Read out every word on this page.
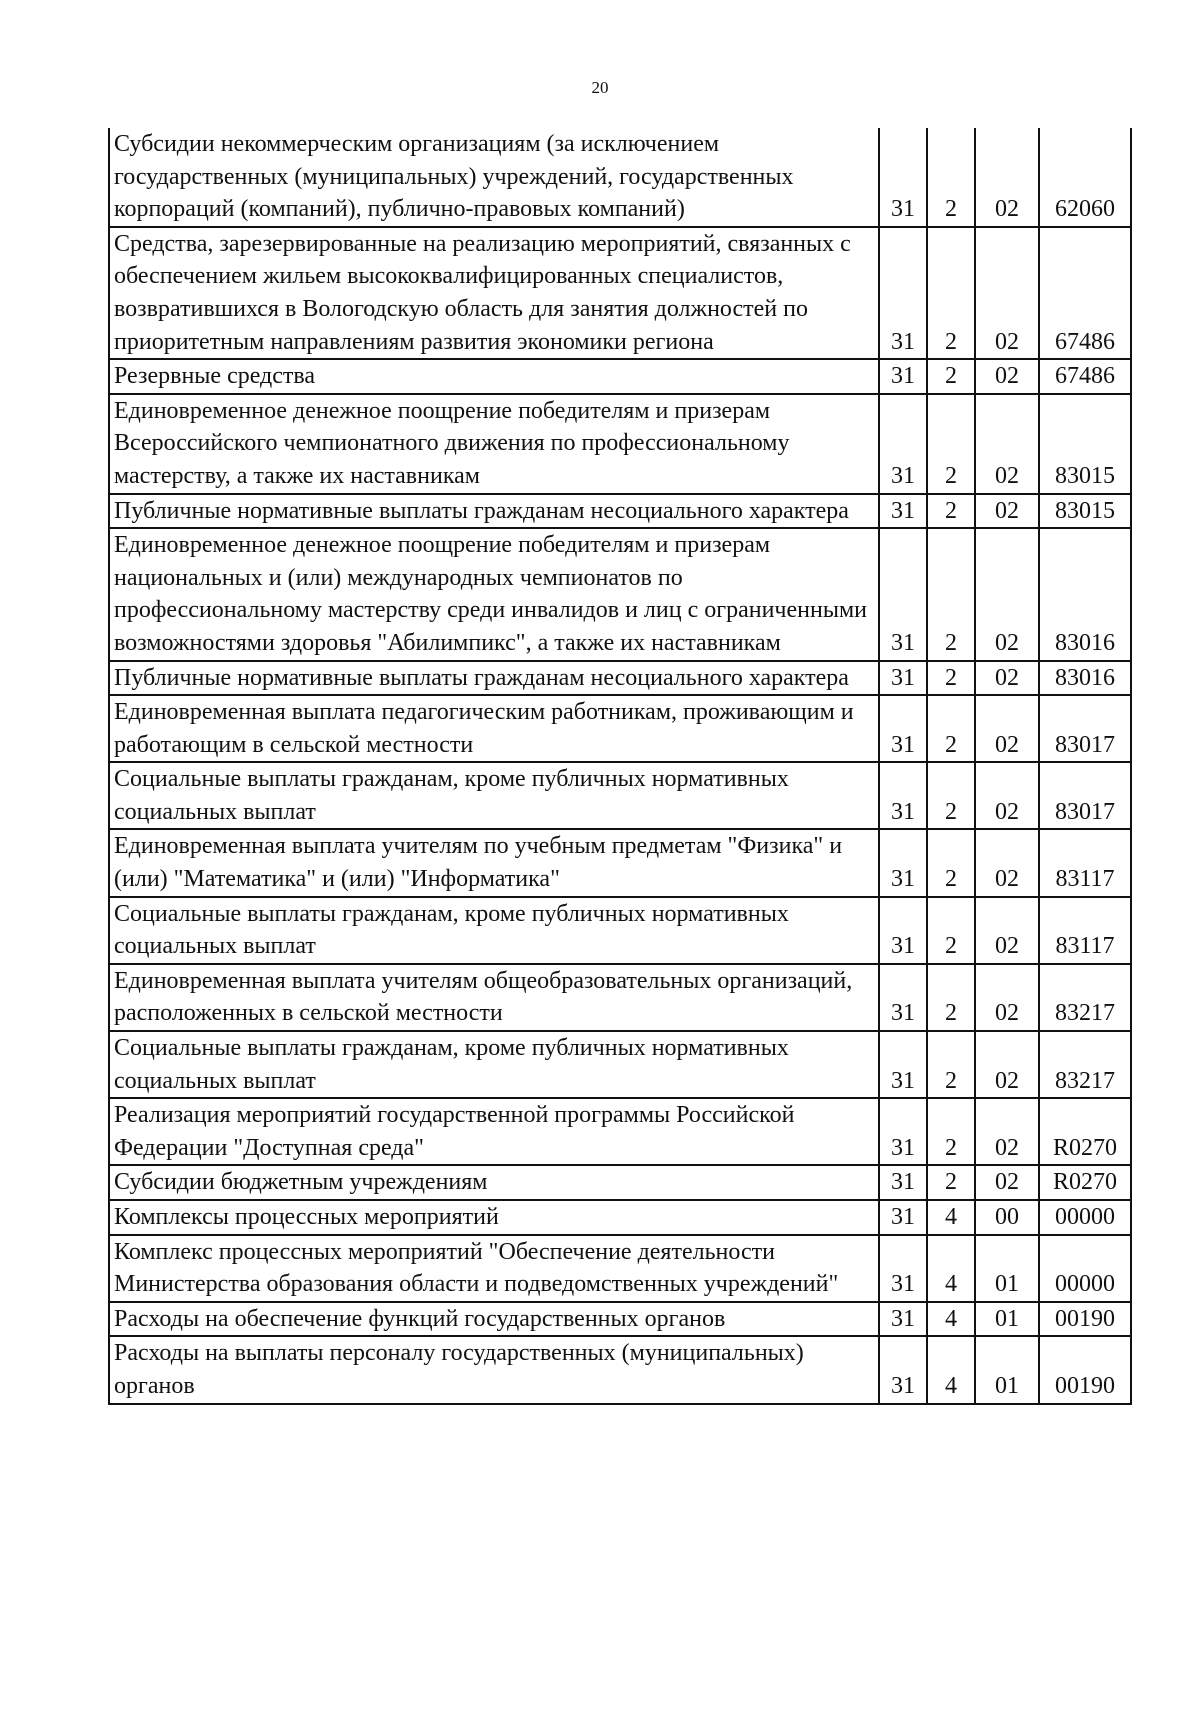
20
Субсидии некоммерческим организациям (за исключением государственных (муниципальных) учреждений, государственных корпораций (компаний), публично-правовых компаний)	31	2	02	62060
Средства, зарезервированные на реализацию мероприятий, связанных с обеспечением жильем высококвалифицированных специалистов, возвратившихся в Вологодскую область для занятия должностей по приоритетным направлениям развития экономики региона	31	2	02	67486
Резервные средства	31	2	02	67486
Единовременное денежное поощрение победителям и призерам Всероссийского чемпионатного движения по профессиональному мастерству, а также их наставникам	31	2	02	83015
Публичные нормативные выплаты гражданам несоциального характера	31	2	02	83015
Единовременное денежное поощрение победителям и призерам национальных и (или) международных чемпионатов по профессиональному мастерству среди инвалидов и лиц с ограниченными возможностями здоровья "Абилимпикс", а также их наставникам	31	2	02	83016
Публичные нормативные выплаты гражданам несоциального характера	31	2	02	83016
Единовременная выплата педагогическим работникам, проживающим и работающим в сельской местности	31	2	02	83017
Социальные выплаты гражданам, кроме публичных нормативных социальных выплат	31	2	02	83017
Единовременная выплата учителям по учебным предметам "Физика" и (или) "Математика" и (или) "Информатика"	31	2	02	83117
Социальные выплаты гражданам, кроме публичных нормативных социальных выплат	31	2	02	83117
Единовременная выплата учителям общеобразовательных организаций, расположенных в сельской местности	31	2	02	83217
Социальные выплаты гражданам, кроме публичных нормативных социальных выплат	31	2	02	83217
Реализация мероприятий государственной программы Российской Федерации "Доступная среда"	31	2	02	R0270
Субсидии бюджетным учреждениям	31	2	02	R0270
Комплексы процессных мероприятий	31	4	00	00000
Комплекс процессных мероприятий "Обеспечение деятельности Министерства образования области и подведомственных учреждений"	31	4	01	00000
Расходы на обеспечение функций государственных органов	31	4	01	00190
Расходы на выплаты персоналу государственных (муниципальных) органов	31	4	01	00190
